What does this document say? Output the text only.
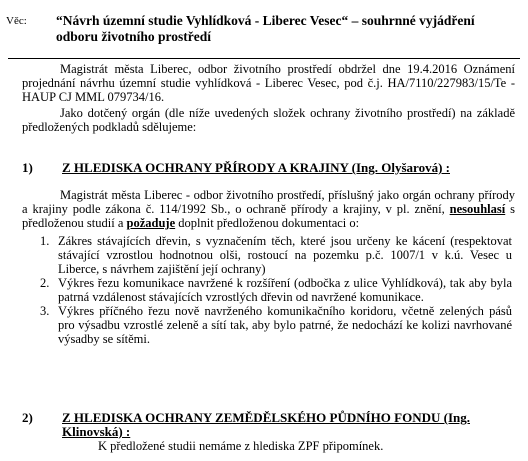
Věc: “Návrh územní studie Vyhlídková - Liberec Vesec“ – souhrnné vyjádření odboru životního prostředí
Magistrát města Liberec, odbor životního prostředí obdržel dne 19.4.2016 Oznámení projednání návrhu územní studie vyhlídková - Liberec Vesec, pod č.j. HA/7110/227983/15/Te - HAUP CJ MML 079734/16.
Jako dotčený orgán (dle níže uvedených složek ochrany životního prostředí) na základě předložených podkladů sdělujeme:
1) Z HLEDISKA OCHRANY PŘÍRODY A KRAJINY (Ing. Olyšarová) :
Magistrát města Liberec - odbor životního prostředí, příslušný jako orgán ochrany přírody a krajiny podle zákona č. 114/1992 Sb., o ochraně přírody a krajiny, v pl. znění, nesouhlasí s předloženou studií a požaduje doplnit předloženou dokumentaci o:
1. Zákres stávajících dřevin, s vyznačením těch, které jsou určeny ke kácení (respektovat stávající vzrostlou hodnotnou olši, rostoucí na pozemku p.č. 1007/1 v k.ú. Vesec u Liberce, s návrhem zajištění její ochrany)
2. Výkres řezu komunikace navržené k rozšíření (odbočka z ulice Vyhlídková), tak aby byla patrná vzdálenost stávajících vzrostlých dřevin od navržené komunikace.
3. Výkres příčného řezu nově navrženého komunikačního koridoru, včetně zelených pásů pro výsadbu vzrostlé zeleně a sítí tak, aby bylo patrné, že nedochází ke kolizi navrhované výsadby se sítěmi.
2) Z HLEDISKA OCHRANY ZEMĚDĚLSKÉHO PŮDNÍHO FONDU (Ing. Klinovská) :
K předložené studii nemáme z hlediska ZPF připomínek.
